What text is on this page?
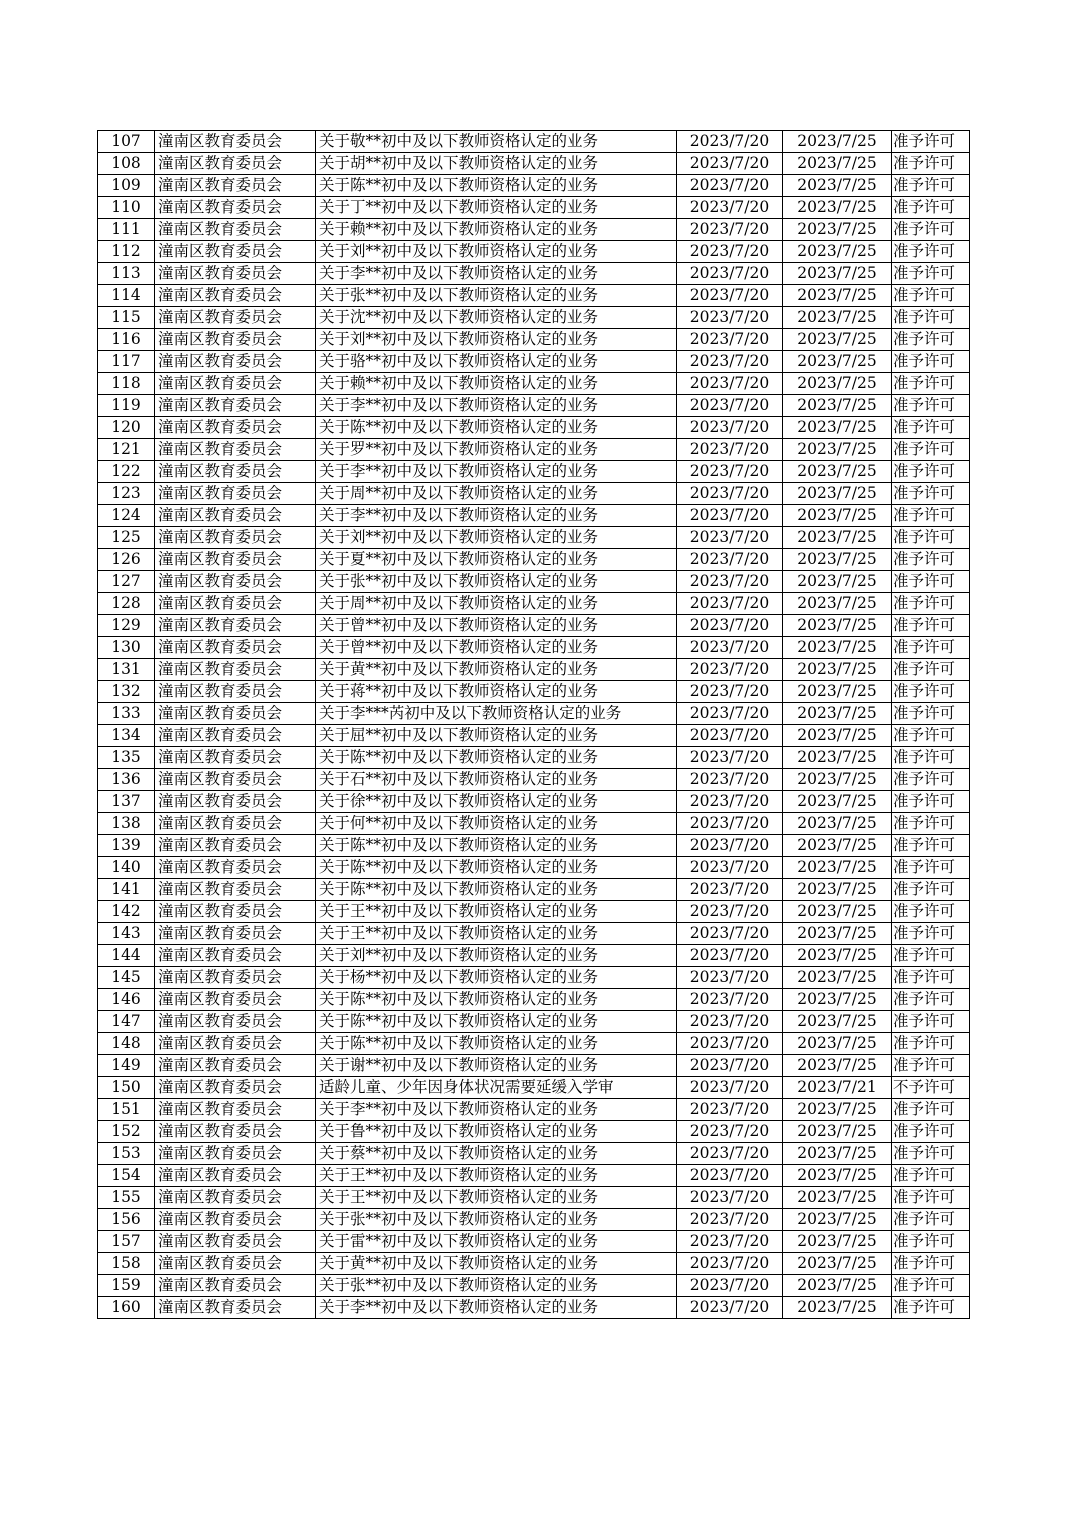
107	潼南区教育委员会	关于敬**初中及以下教师资格认定的业务	2023/7/20	2023/7/25	准予许可
108	潼南区教育委员会	关于胡**初中及以下教师资格认定的业务	2023/7/20	2023/7/25	准予许可
109	潼南区教育委员会	关于陈**初中及以下教师资格认定的业务	2023/7/20	2023/7/25	准予许可
110	潼南区教育委员会	关于丁**初中及以下教师资格认定的业务	2023/7/20	2023/7/25	准予许可
111	潼南区教育委员会	关于赖**初中及以下教师资格认定的业务	2023/7/20	2023/7/25	准予许可
112	潼南区教育委员会	关于刘**初中及以下教师资格认定的业务	2023/7/20	2023/7/25	准予许可
113	潼南区教育委员会	关于李**初中及以下教师资格认定的业务	2023/7/20	2023/7/25	准予许可
114	潼南区教育委员会	关于张**初中及以下教师资格认定的业务	2023/7/20	2023/7/25	准予许可
115	潼南区教育委员会	关于沈**初中及以下教师资格认定的业务	2023/7/20	2023/7/25	准予许可
116	潼南区教育委员会	关于刘**初中及以下教师资格认定的业务	2023/7/20	2023/7/25	准予许可
117	潼南区教育委员会	关于骆**初中及以下教师资格认定的业务	2023/7/20	2023/7/25	准予许可
118	潼南区教育委员会	关于赖**初中及以下教师资格认定的业务	2023/7/20	2023/7/25	准予许可
119	潼南区教育委员会	关于李**初中及以下教师资格认定的业务	2023/7/20	2023/7/25	准予许可
120	潼南区教育委员会	关于陈**初中及以下教师资格认定的业务	2023/7/20	2023/7/25	准予许可
121	潼南区教育委员会	关于罗**初中及以下教师资格认定的业务	2023/7/20	2023/7/25	准予许可
122	潼南区教育委员会	关于李**初中及以下教师资格认定的业务	2023/7/20	2023/7/25	准予许可
123	潼南区教育委员会	关于周**初中及以下教师资格认定的业务	2023/7/20	2023/7/25	准予许可
124	潼南区教育委员会	关于李**初中及以下教师资格认定的业务	2023/7/20	2023/7/25	准予许可
125	潼南区教育委员会	关于刘**初中及以下教师资格认定的业务	2023/7/20	2023/7/25	准予许可
126	潼南区教育委员会	关于夏**初中及以下教师资格认定的业务	2023/7/20	2023/7/25	准予许可
127	潼南区教育委员会	关于张**初中及以下教师资格认定的业务	2023/7/20	2023/7/25	准予许可
128	潼南区教育委员会	关于周**初中及以下教师资格认定的业务	2023/7/20	2023/7/25	准予许可
129	潼南区教育委员会	关于曾**初中及以下教师资格认定的业务	2023/7/20	2023/7/25	准予许可
130	潼南区教育委员会	关于曾**初中及以下教师资格认定的业务	2023/7/20	2023/7/25	准予许可
131	潼南区教育委员会	关于黄**初中及以下教师资格认定的业务	2023/7/20	2023/7/25	准予许可
132	潼南区教育委员会	关于蒋**初中及以下教师资格认定的业务	2023/7/20	2023/7/25	准予许可
133	潼南区教育委员会	关于李***芮初中及以下教师资格认定的业务	2023/7/20	2023/7/25	准予许可
134	潼南区教育委员会	关于屈**初中及以下教师资格认定的业务	2023/7/20	2023/7/25	准予许可
135	潼南区教育委员会	关于陈**初中及以下教师资格认定的业务	2023/7/20	2023/7/25	准予许可
136	潼南区教育委员会	关于石**初中及以下教师资格认定的业务	2023/7/20	2023/7/25	准予许可
137	潼南区教育委员会	关于徐**初中及以下教师资格认定的业务	2023/7/20	2023/7/25	准予许可
138	潼南区教育委员会	关于何**初中及以下教师资格认定的业务	2023/7/20	2023/7/25	准予许可
139	潼南区教育委员会	关于陈**初中及以下教师资格认定的业务	2023/7/20	2023/7/25	准予许可
140	潼南区教育委员会	关于陈**初中及以下教师资格认定的业务	2023/7/20	2023/7/25	准予许可
141	潼南区教育委员会	关于陈**初中及以下教师资格认定的业务	2023/7/20	2023/7/25	准予许可
142	潼南区教育委员会	关于王**初中及以下教师资格认定的业务	2023/7/20	2023/7/25	准予许可
143	潼南区教育委员会	关于王**初中及以下教师资格认定的业务	2023/7/20	2023/7/25	准予许可
144	潼南区教育委员会	关于刘**初中及以下教师资格认定的业务	2023/7/20	2023/7/25	准予许可
145	潼南区教育委员会	关于杨**初中及以下教师资格认定的业务	2023/7/20	2023/7/25	准予许可
146	潼南区教育委员会	关于陈**初中及以下教师资格认定的业务	2023/7/20	2023/7/25	准予许可
147	潼南区教育委员会	关于陈**初中及以下教师资格认定的业务	2023/7/20	2023/7/25	准予许可
148	潼南区教育委员会	关于陈**初中及以下教师资格认定的业务	2023/7/20	2023/7/25	准予许可
149	潼南区教育委员会	关于谢**初中及以下教师资格认定的业务	2023/7/20	2023/7/25	准予许可
150	潼南区教育委员会	适龄儿童、少年因身体状况需要延缓入学审	2023/7/20	2023/7/21	不予许可
151	潼南区教育委员会	关于李**初中及以下教师资格认定的业务	2023/7/20	2023/7/25	准予许可
152	潼南区教育委员会	关于鲁**初中及以下教师资格认定的业务	2023/7/20	2023/7/25	准予许可
153	潼南区教育委员会	关于蔡**初中及以下教师资格认定的业务	2023/7/20	2023/7/25	准予许可
154	潼南区教育委员会	关于王**初中及以下教师资格认定的业务	2023/7/20	2023/7/25	准予许可
155	潼南区教育委员会	关于王**初中及以下教师资格认定的业务	2023/7/20	2023/7/25	准予许可
156	潼南区教育委员会	关于张**初中及以下教师资格认定的业务	2023/7/20	2023/7/25	准予许可
157	潼南区教育委员会	关于雷**初中及以下教师资格认定的业务	2023/7/20	2023/7/25	准予许可
158	潼南区教育委员会	关于黄**初中及以下教师资格认定的业务	2023/7/20	2023/7/25	准予许可
159	潼南区教育委员会	关于张**初中及以下教师资格认定的业务	2023/7/20	2023/7/25	准予许可
160	潼南区教育委员会	关于李**初中及以下教师资格认定的业务	2023/7/20	2023/7/25	准予许可
